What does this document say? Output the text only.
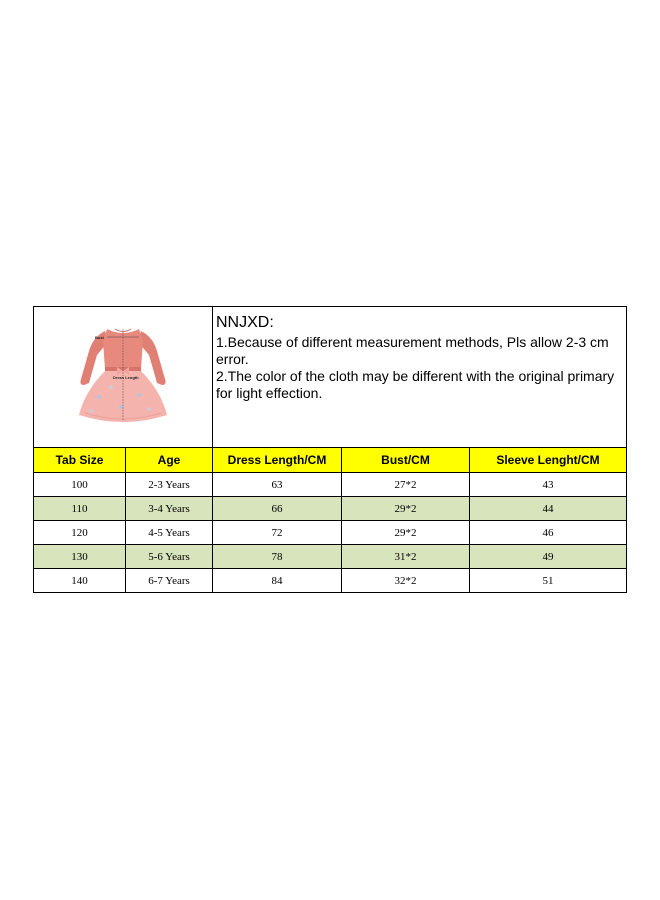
Bust
Dress Length		NNJXD:
1.Because of different measurement methods, Pls allow 2-3 cm error.
2.The color of the cloth may be different with the original primary for light effection.		

Tab Size	Age	Dress Length/CM	Bust/CM	Sleeve Lenght/CM
100	2-3 Years	63	27*2	43
110	3-4 Years	66	29*2	44
120	4-5 Years	72	29*2	46
130	5-6 Years	78	31*2	49
140	6-7 Years	84	32*2	51
